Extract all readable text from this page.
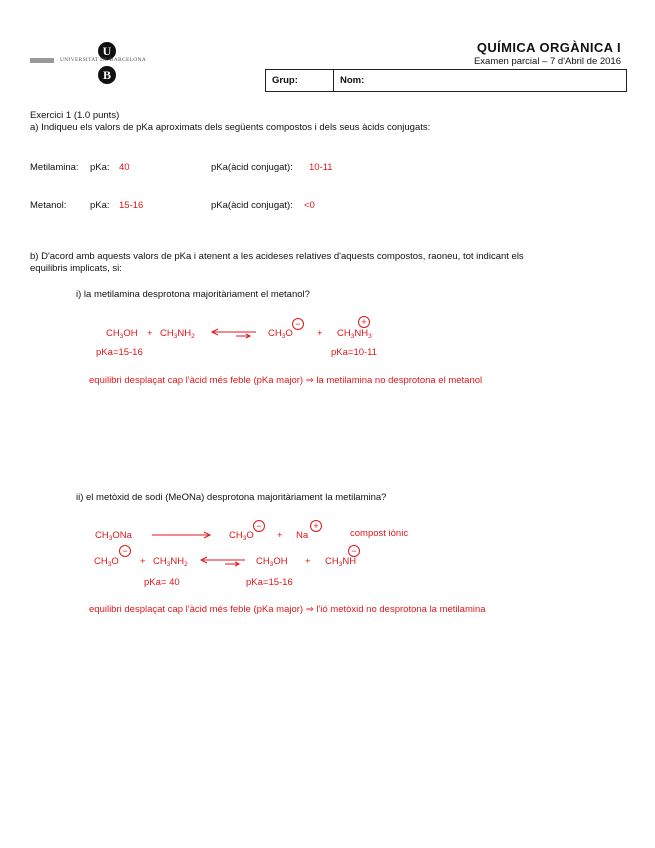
U
UNIVERSITAT DE BARCELONA
B
QUÍMICA ORGÀNICA I
Examen parcial – 7 d'Abril de 2016
Grup:	Nom:
Exercici 1 (1.0 punts)
a) Indiqueu els valors de pKa aproximats dels següents compostos i dels seus àcids conjugats:
Metilamina: pKa: 40	pKa(àcid conjugat): 10-11
Metanol: pKa: 15-16	pKa(àcid conjugat): <0
b) D'acord amb aquests valors de pKa i atenent a les acideses relatives d'aquests compostos, raoneu, tot indicant els
equilibris implicats, si:
i) la metilamina desprotona majoritàriament el metanol?
$CH_3OH + CH_3NH_2$	$CH_3O$
−
+ $CH_3NH_3$
+
pKa=15-16	pKa=10-11
equilibri desplaçat cap l'àcid més feble (pKa major) ⇒ la metilamina no desprotona el metanol
ii) el metòxid de sodi (MeONa) desprotona majoritàriament la metilamina?
$CH_3ONa$	$CH_3O$
−
+ Na
+
compost iònic
$CH_3O$
−
+ $CH_3NH_2$	$CH_3OH + CH_3NH$
−
pKa= 40	pKa=15-16
equilibri desplaçat cap l'àcid més feble (pKa major) ⇒ l'ió metòxid no desprotona la metilamina
